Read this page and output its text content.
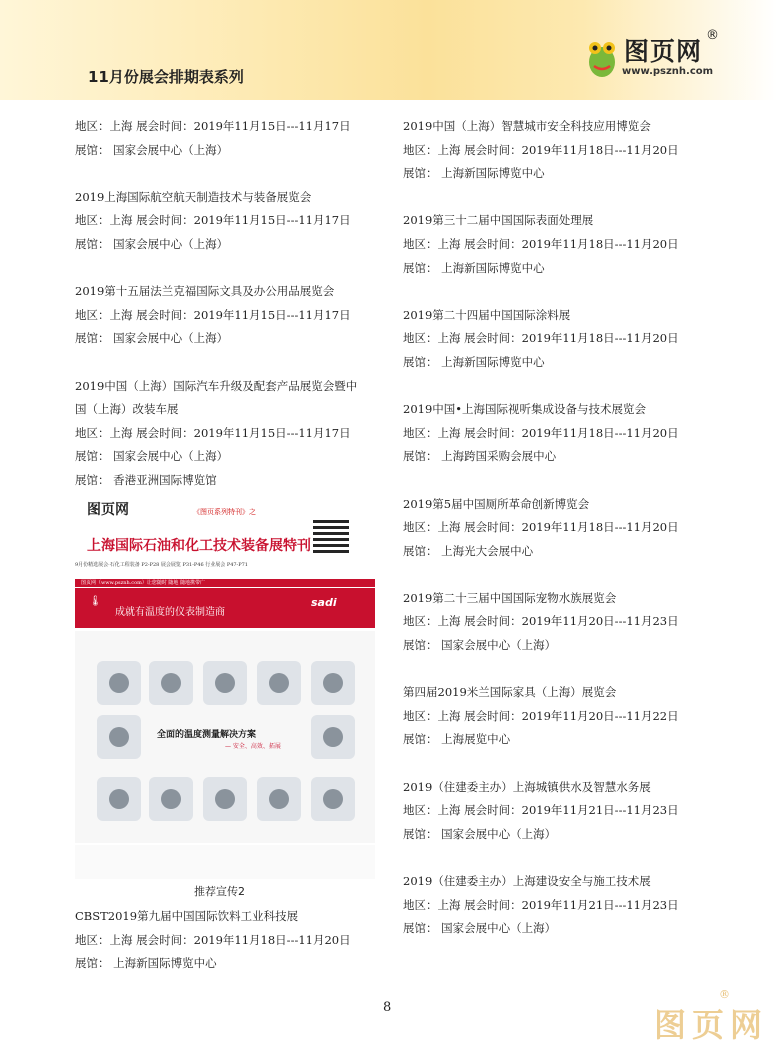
11月份展会排期表系列
图页网
®
www.psznh.com

地区：上海 展会时间：2019年11月15日---11月17日

展馆： 国家会展中心（上海）

2019上海国际航空航天制造技术与装备展览会

地区：上海 展会时间：2019年11月15日---11月17日

展馆： 国家会展中心（上海）

2019第十五届法兰克福国际文具及办公用品展览会

地区：上海 展会时间：2019年11月15日---11月17日

展馆： 国家会展中心（上海）

2019中国（上海）国际汽车升级及配套产品展览会暨中

国（上海）改装车展

地区：上海 展会时间：2019年11月15日---11月17日

展馆： 国家会展中心（上海）

展馆： 香港亚洲国际博览馆

图页网	《图页系列特刊》之
上海国际石油和化工技术装备展特刊
9月份精选展会·石化工程装备 P2-P28 展会展览 P31-P46 行业展会 P47-P71
图页网（www.psznh.com）让您随时 随地 随地携带广
🌡
成就有温度的仪表制造商
sadi
全面的温度测量解决方案
— 安全、高效、拓展
推荐宣传2

CBST2019第九届中国国际饮料工业科技展

地区：上海 展会时间：2019年11月18日---11月20日

展馆： 上海新国际博览中心

2019中国（上海）智慧城市安全科技应用博览会

地区：上海 展会时间：2019年11月18日---11月20日

展馆： 上海新国际博览中心

2019第三十二届中国国际表面处理展

地区：上海 展会时间：2019年11月18日---11月20日

展馆： 上海新国际博览中心

2019第二十四届中国国际涂料展

地区：上海 展会时间：2019年11月18日---11月20日

展馆： 上海新国际博览中心

2019中国•上海国际视听集成设备与技术展览会

地区：上海 展会时间：2019年11月18日---11月20日

展馆： 上海跨国采购会展中心

2019第5届中国厕所革命创新博览会

地区：上海 展会时间：2019年11月18日---11月20日

展馆： 上海光大会展中心

2019第二十三届中国国际宠物水族展览会

地区：上海 展会时间：2019年11月20日---11月23日

展馆： 国家会展中心（上海）

第四届2019米兰国际家具（上海）展览会

地区：上海 展会时间：2019年11月20日---11月22日

展馆： 上海展览中心

2019（住建委主办）上海城镇供水及智慧水务展

地区：上海 展会时间：2019年11月21日---11月23日

展馆： 国家会展中心（上海）

2019（住建委主办）上海建设安全与施工技术展

地区：上海 展会时间：2019年11月21日---11月23日

展馆： 国家会展中心（上海）

8	图页网
®
